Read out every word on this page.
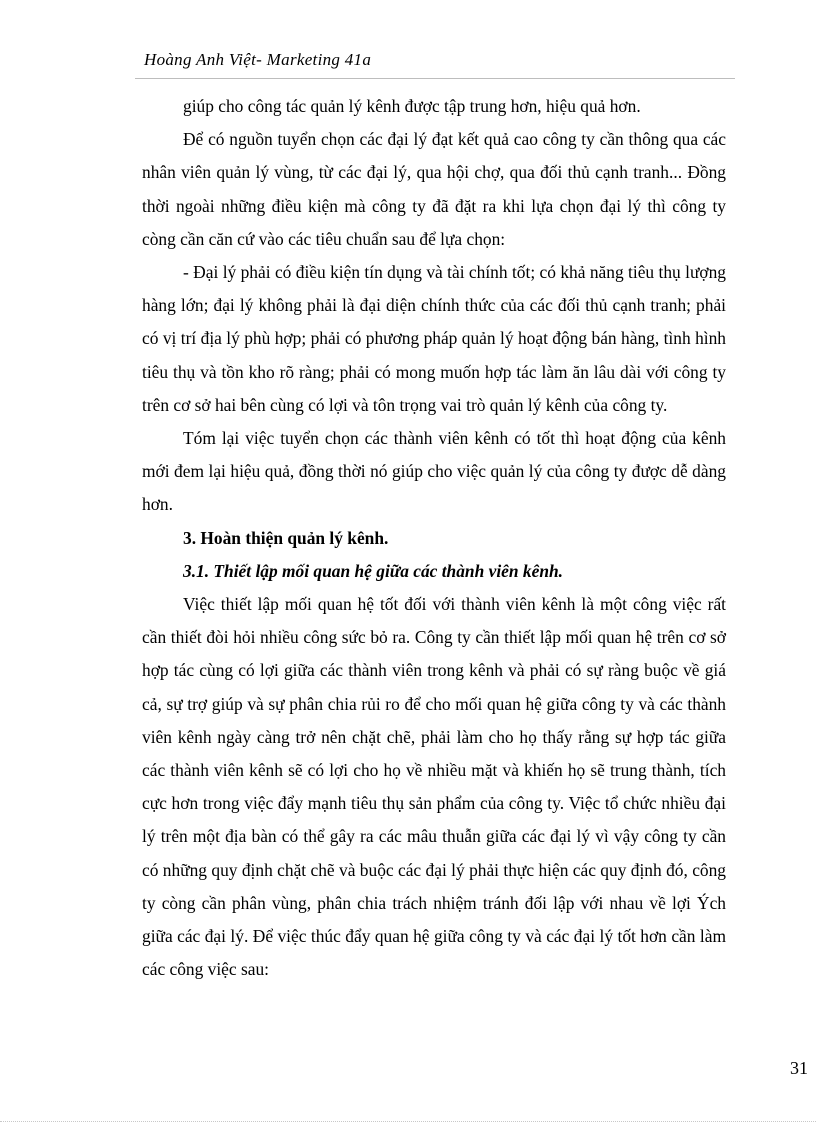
Hoàng Anh Việt- Marketing 41a

giúp cho công tác quản lý kênh được tập trung hơn, hiệu quả hơn.

Để có nguồn tuyển chọn các đại lý đạt kết quả cao công ty cần thông qua các nhân viên quản lý vùng, từ các đại lý, qua hội chợ, qua đối thủ cạnh tranh... Đồng thời ngoài những điều kiện mà công ty đã đặt ra khi lựa chọn đại lý thì công ty còng cần căn cứ vào các tiêu chuẩn sau để lựa chọn:

- Đại lý phải có điều kiện tín dụng và tài chính tốt; có khả năng tiêu thụ lượng hàng lớn; đại lý không phải là đại diện chính thức của các đối thủ cạnh tranh; phải có vị trí địa lý phù hợp; phải có phương pháp quản lý hoạt động bán hàng, tình hình tiêu thụ và tồn kho rõ ràng; phải có mong muốn hợp tác làm ăn lâu dài với công ty trên cơ sở hai bên cùng có lợi và tôn trọng vai trò quản lý kênh của công ty.

Tóm lại việc tuyển chọn các thành viên kênh có tốt thì hoạt động của kênh mới đem lại hiệu quả, đồng thời nó giúp cho việc quản lý của công ty được dễ dàng hơn.

3. Hoàn thiện quản lý kênh.
3.1. Thiết lập mối quan hệ giữa các thành viên kênh.

Việc thiết lập mối quan hệ tốt đối với thành viên kênh là một công việc rất cần thiết đòi hỏi nhiều công sức bỏ ra. Công ty cần thiết lập mối quan hệ trên cơ sở hợp tác cùng có lợi giữa các thành viên trong kênh và phải có sự ràng buộc về giá cả, sự trợ giúp và sự phân chia rủi ro để cho mối quan hệ giữa công ty và các thành viên kênh ngày càng trở nên chặt chẽ, phải làm cho họ thấy rằng sự hợp tác giữa các thành viên kênh sẽ có lợi cho họ về nhiều mặt và khiến họ sẽ trung thành, tích cực hơn trong việc đẩy mạnh tiêu thụ sản phẩm của công ty. Việc tổ chức nhiều đại lý trên một địa bàn có thể gây ra các mâu thuẫn giữa các đại lý vì vậy công ty cần có những quy định chặt chẽ và buộc các đại lý phải thực hiện các quy định đó, công ty còng cần phân vùng, phân chia trách nhiệm tránh đối lập với nhau về lợi Ých giữa các đại lý. Để việc thúc đẩy quan hệ giữa công ty và các đại lý tốt hơn cần làm các công việc sau:

31
